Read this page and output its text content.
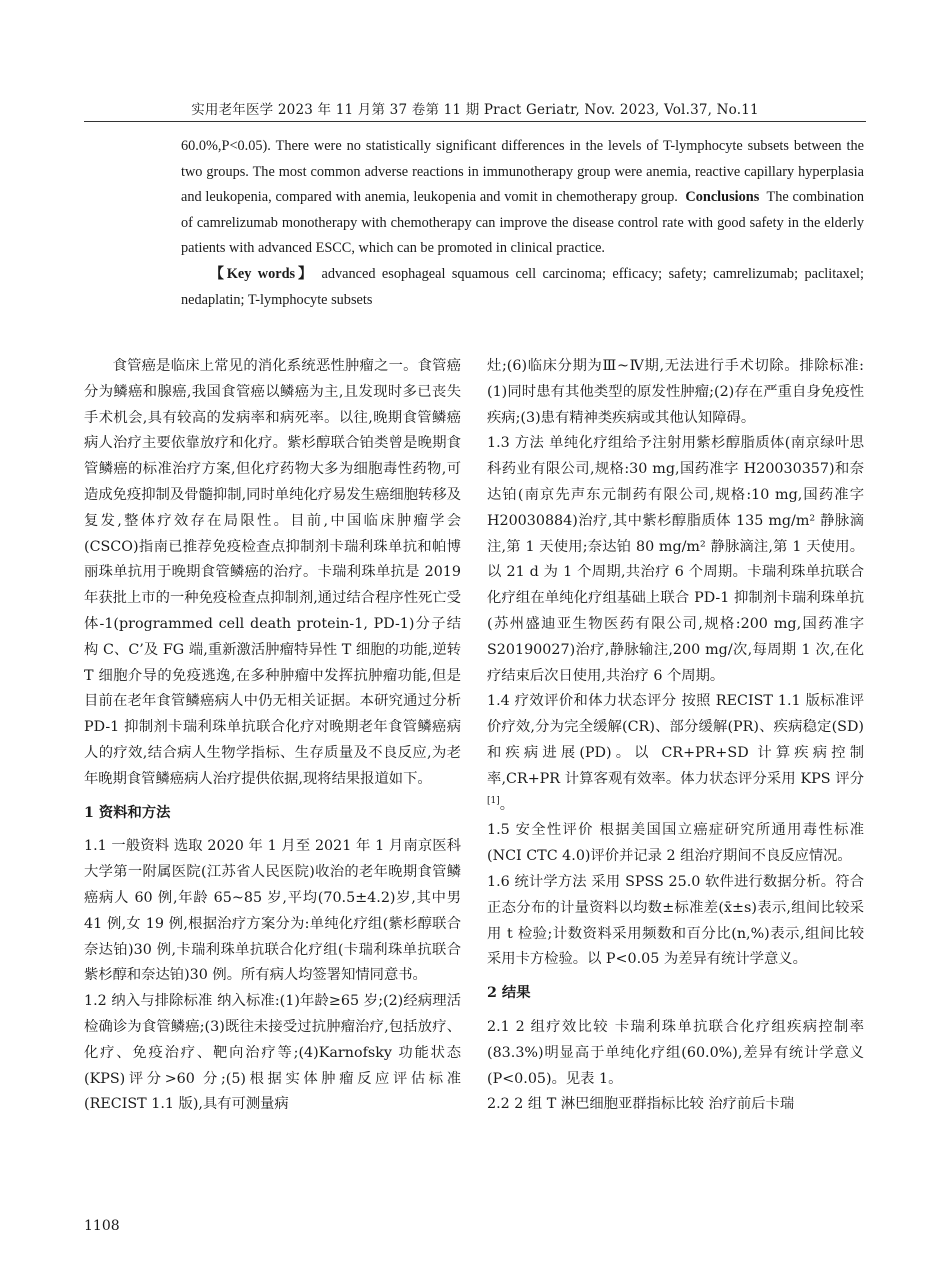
实用老年医学 2023 年 11 月第 37 卷第 11 期 Pract Geriatr, Nov. 2023, Vol.37, No.11

60.0%,P<0.05). There were no statistically significant differences in the levels of T-lymphocyte subsets between the two groups. The most common adverse reactions in immunotherapy group were anemia, reactive capillary hyperplasia and leukopenia, compared with anemia, leukopenia and vomit in chemotherapy group. Conclusions The combination of camrelizumab monotherapy with chemotherapy can improve the disease control rate with good safety in the elderly patients with advanced ESCC, which can be promoted in clinical practice.

【Key words】 advanced esophageal squamous cell carcinoma; efficacy; safety; camrelizumab; paclitaxel; nedaplatin; T-lymphocyte subsets

食管癌是临床上常见的消化系统恶性肿瘤之一。食管癌分为鳞癌和腺癌,我国食管癌以鳞癌为主,且发现时多已丧失手术机会,具有较高的发病率和病死率。以往,晚期食管鳞癌病人治疗主要依靠放疗和化疗。紫杉醇联合铂类曾是晚期食管鳞癌的标准治疗方案,但化疗药物大多为细胞毒性药物,可造成免疫抑制及骨髓抑制,同时单纯化疗易发生癌细胞转移及复发,整体疗效存在局限性。目前,中国临床肿瘤学会(CSCO)指南已推荐免疫检查点抑制剂卡瑞利珠单抗和帕博丽珠单抗用于晚期食管鳞癌的治疗。卡瑞利珠单抗是 2019 年获批上市的一种免疫检查点抑制剂,通过结合程序性死亡受体-1(programmed cell death protein-1, PD-1)分子结构 C、C’及 FG 端,重新激活肿瘤特异性 T 细胞的功能,逆转 T 细胞介导的免疫逃逸,在多种肿瘤中发挥抗肿瘤功能,但是目前在老年食管鳞癌病人中仍无相关证据。本研究通过分析 PD-1 抑制剂卡瑞利珠单抗联合化疗对晚期老年食管鳞癌病人的疗效,结合病人生物学指标、生存质量及不良反应,为老年晚期食管鳞癌病人治疗提供依据,现将结果报道如下。

1 资料和方法

1.1 一般资料 选取 2020 年 1 月至 2021 年 1 月南京医科大学第一附属医院(江苏省人民医院)收治的老年晚期食管鳞癌病人 60 例,年龄 65~85 岁,平均(70.5±4.2)岁,其中男 41 例,女 19 例,根据治疗方案分为:单纯化疗组(紫杉醇联合奈达铂)30 例,卡瑞利珠单抗联合化疗组(卡瑞利珠单抗联合紫杉醇和奈达铂)30 例。所有病人均签署知情同意书。

1.2 纳入与排除标准 纳入标准:(1)年龄≥65 岁;(2)经病理活检确诊为食管鳞癌;(3)既往未接受过抗肿瘤治疗,包括放疗、化疗、免疫治疗、靶向治疗等;(4)Karnofsky 功能状态(KPS)评分>60 分;(5)根据实体肿瘤反应评估标准(RECIST 1.1 版),具有可测量病

灶;(6)临床分期为Ⅲ~Ⅳ期,无法进行手术切除。排除标准:(1)同时患有其他类型的原发性肿瘤;(2)存在严重自身免疫性疾病;(3)患有精神类疾病或其他认知障碍。

1.3 方法 单纯化疗组给予注射用紫杉醇脂质体(南京绿叶思科药业有限公司,规格:30 mg,国药准字 H20030357)和奈达铂(南京先声东元制药有限公司,规格:10 mg,国药准字 H20030884)治疗,其中紫杉醇脂质体 135 mg/m² 静脉滴注,第 1 天使用;奈达铂 80 mg/m² 静脉滴注,第 1 天使用。以 21 d 为 1 个周期,共治疗 6 个周期。卡瑞利珠单抗联合化疗组在单纯化疗组基础上联合 PD-1 抑制剂卡瑞利珠单抗(苏州盛迪亚生物医药有限公司,规格:200 mg,国药准字 S20190027)治疗,静脉输注,200 mg/次,每周期 1 次,在化疗结束后次日使用,共治疗 6 个周期。

1.4 疗效评价和体力状态评分 按照 RECIST 1.1 版标准评价疗效,分为完全缓解(CR)、部分缓解(PR)、疾病稳定(SD)和疾病进展(PD)。以 CR+PR+SD 计算疾病控制率,CR+PR 计算客观有效率。体力状态评分采用 KPS 评分[1]。

1.5 安全性评价 根据美国国立癌症研究所通用毒性标准(NCI CTC 4.0)评价并记录 2 组治疗期间不良反应情况。

1.6 统计学方法 采用 SPSS 25.0 软件进行数据分析。符合正态分布的计量资料以均数±标准差(x̄±s)表示,组间比较采用 t 检验;计数资料采用频数和百分比(n,%)表示,组间比较采用卡方检验。以 P<0.05 为差异有统计学意义。

2 结果

2.1 2 组疗效比较 卡瑞利珠单抗联合化疗组疾病控制率(83.3%)明显高于单纯化疗组(60.0%),差异有统计学意义(P<0.05)。见表 1。

2.2 2 组 T 淋巴细胞亚群指标比较 治疗前后卡瑞

1108
